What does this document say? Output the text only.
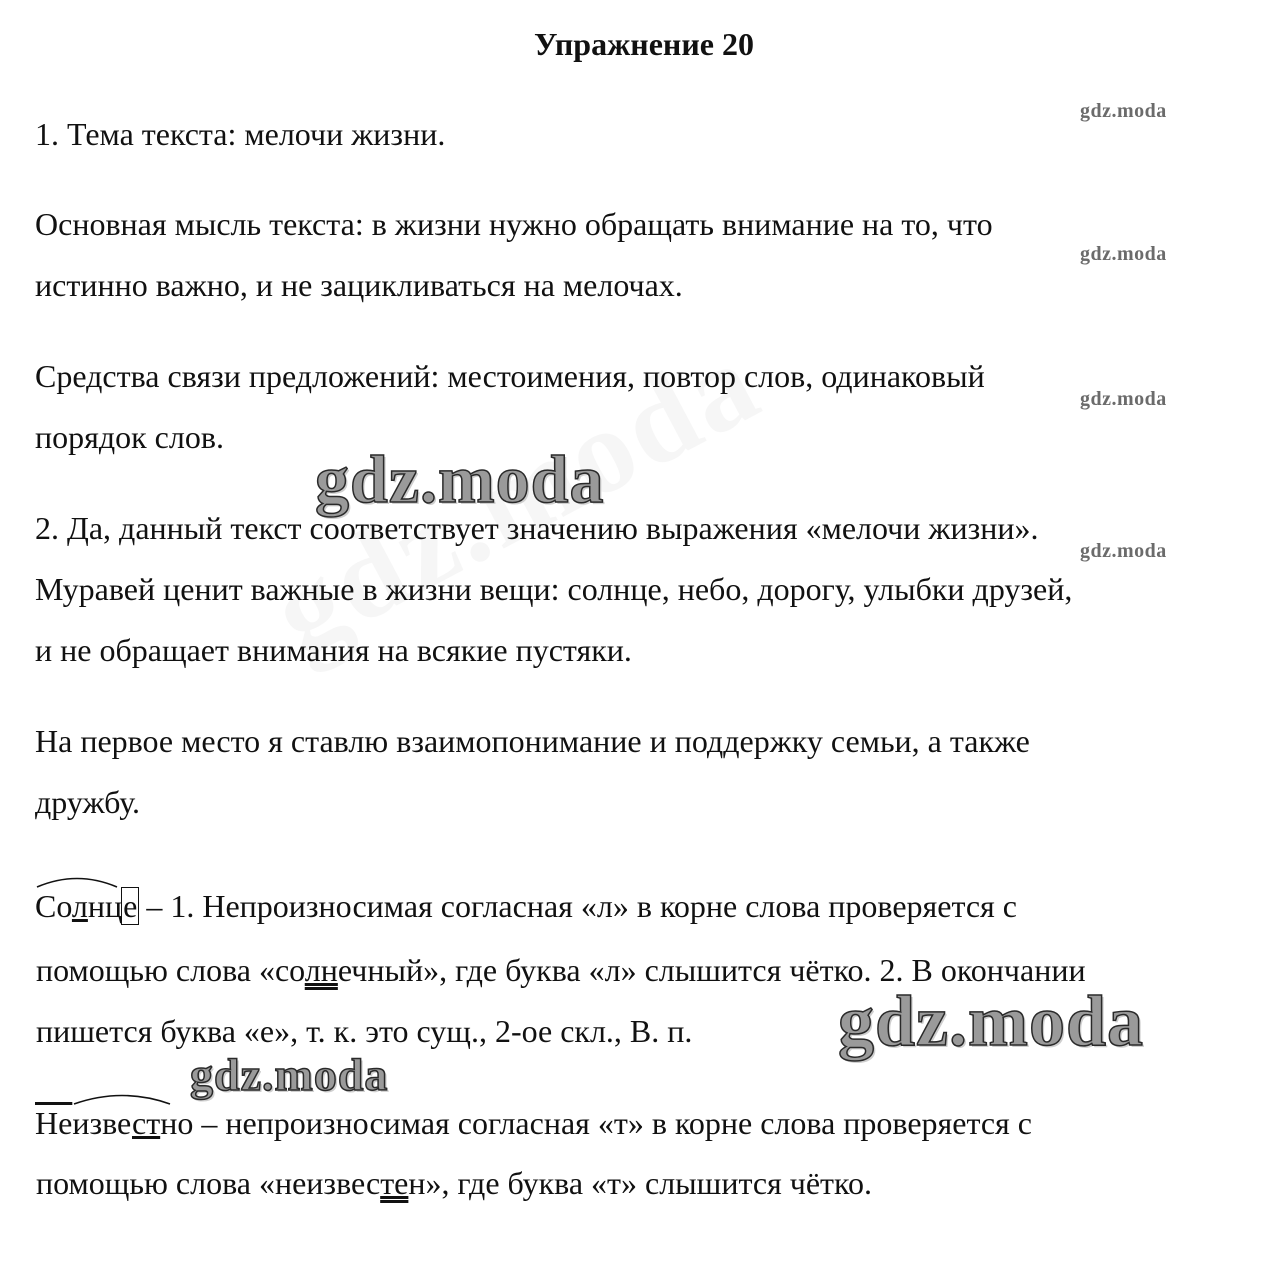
Упражнение 20
1. Тема текста: мелочи жизни.
Основная мысль текста: в жизни нужно обращать внимание на то, что
истинно важно, и не зацикливаться на мелочах.
Средства связи предложений: местоимения, повтор слов, одинаковый
порядок слов.
2. Да, данный текст соответствует значению выражения «мелочи жизни».
Муравей ценит важные в жизни вещи: солнце, небо, дорогу, улыбки друзей,
и не обращает внимания на всякие пустяки.
На первое место я ставлю взаимопонимание и поддержку семьи, а также
дружбу.
Солнце – 1. Непроизносимая согласная «л» в корне слова проверяется с
помощью слова «солнечный», где буква «л» слышится чётко. 2. В окончании
пишется буква «е», т. к. это сущ., 2-ое скл., В. п.
Не
известно – непроизносимая согласная «т» в корне слова проверяется с
помощью слова «неизвестен», где буква «т» слышится чётко.
gdz.moda
gdz.moda
gdz.moda
gdz.moda
gdz.moda
gdz.moda
gdz.moda
